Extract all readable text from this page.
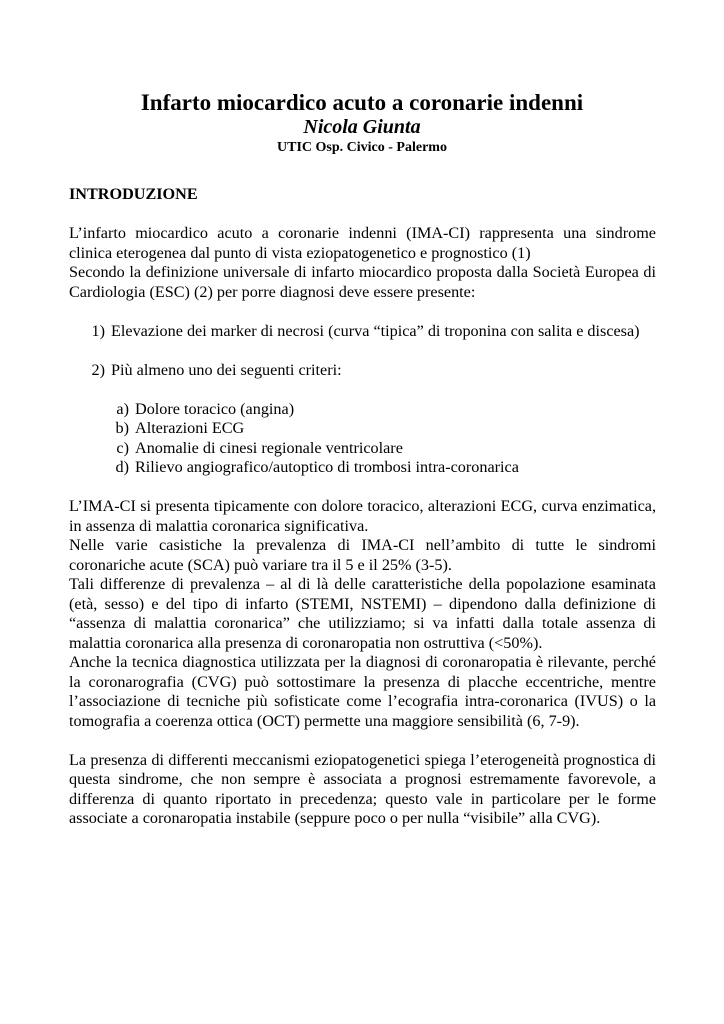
Infarto miocardico acuto a coronarie indenni
Nicola Giunta
UTIC Osp. Civico - Palermo
INTRODUZIONE

L’infarto miocardico acuto a coronarie indenni (IMA-CI) rappresenta una sindrome clinica eterogenea dal punto di vista eziopatogenetico e prognostico (1)

Secondo la definizione universale di infarto miocardico proposta dalla Società Europea di Cardiologia (ESC) (2) per porre diagnosi deve essere presente:

1) Elevazione dei marker di necrosi (curva “tipica” di troponina con salita e discesa)
2) Più almeno uno dei seguenti criteri:
a) Dolore toracico (angina)
b) Alterazioni ECG
c) Anomalie di cinesi regionale ventricolare
d) Rilievo angiografico/autoptico di trombosi intra-coronarica

L’IMA-CI si presenta tipicamente con dolore toracico, alterazioni ECG, curva enzimatica, in assenza di malattia coronarica significativa.

Nelle varie casistiche la prevalenza di IMA-CI nell’ambito di tutte le sindromi coronariche acute (SCA) può variare tra il 5 e il 25% (3-5).

Tali differenze di prevalenza – al di là delle caratteristiche della popolazione esaminata (età, sesso) e del tipo di infarto (STEMI, NSTEMI) – dipendono dalla definizione di “assenza di malattia coronarica” che utilizziamo; si va infatti dalla totale assenza di malattia coronarica alla presenza di coronaropatia non ostruttiva (<50%).

Anche la tecnica diagnostica utilizzata per la diagnosi di coronaropatia è rilevante, perché la coronarografia (CVG) può sottostimare la presenza di placche eccentriche, mentre l’associazione di tecniche più sofisticate come l’ecografia intra-coronarica (IVUS) o la tomografia a coerenza ottica (OCT) permette una maggiore sensibilità (6, 7-9).

La presenza di differenti meccanismi eziopatogenetici spiega l’eterogeneità prognostica di questa sindrome, che non sempre è associata a prognosi estremamente favorevole, a differenza di quanto riportato in precedenza; questo vale in particolare per le forme associate a coronaropatia instabile (seppure poco o per nulla “visibile” alla CVG).
